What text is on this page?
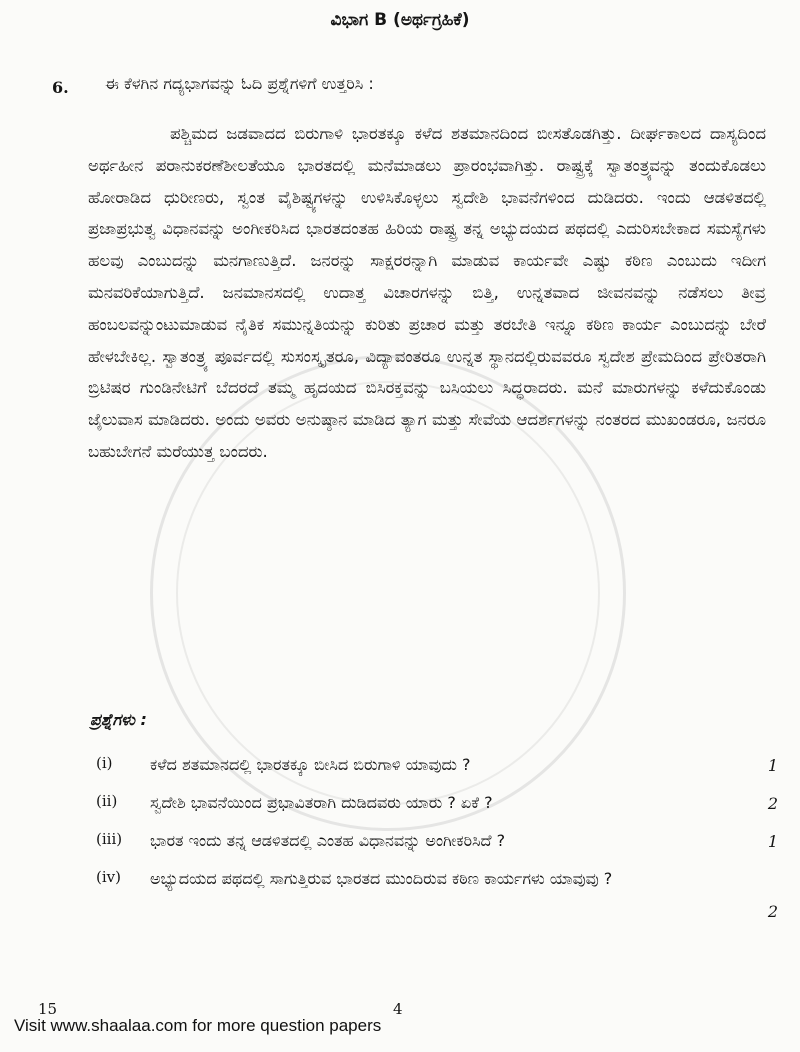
ವಿಭಾಗ B (ಅರ್ಥಗ್ರಹಿಕೆ)
6. ಈ ಕೆಳಗಿನ ಗದ್ಯಭಾಗವನ್ನು ಓದಿ ಪ್ರಶ್ನೆಗಳಿಗೆ ಉತ್ತರಿಸಿ :

ಪಶ್ಚಿಮದ ಜಡವಾದದ ಬಿರುಗಾಳಿ ಭಾರತಕ್ಕೂ ಕಳೆದ ಶತಮಾನದಿಂದ ಬೀಸತೊಡಗಿತ್ತು. ದೀರ್ಘಕಾಲದ ದಾಸ್ಯದಿಂದ ಅರ್ಥಹೀನ ಪರಾನುಕರಣೆಶೀಲತೆಯೂ ಭಾರತದಲ್ಲಿ ಮನೆಮಾಡಲು ಪ್ರಾರಂಭವಾಗಿತ್ತು. ರಾಷ್ಟ್ರಕ್ಕೆ ಸ್ವಾತಂತ್ರ್ಯವನ್ನು ತಂದುಕೊಡಲು ಹೋರಾಡಿದ ಧುರೀಣರು, ಸ್ವಂತ ವೈಶಿಷ್ಟ್ಯಗಳನ್ನು ಉಳಿಸಿಕೊಳ್ಳಲು ಸ್ವದೇಶಿ ಭಾವನೆಗಳಿಂದ ದುಡಿದರು. ಇಂದು ಆಡಳಿತದಲ್ಲಿ ಪ್ರಜಾಪ್ರಭುತ್ವ ವಿಧಾನವನ್ನು ಅಂಗೀಕರಿಸಿದ ಭಾರತದಂತಹ ಹಿರಿಯ ರಾಷ್ಟ್ರ ತನ್ನ ಅಭ್ಯುದಯದ ಪಥದಲ್ಲಿ ಎದುರಿಸಬೇಕಾದ ಸಮಸ್ಯೆಗಳು ಹಲವು ಎಂಬುದನ್ನು ಮನಗಾಣುತ್ತಿದೆ. ಜನರನ್ನು ಸಾಕ್ಷರರನ್ನಾಗಿ ಮಾಡುವ ಕಾರ್ಯವೇ ಎಷ್ಟು ಕಠಿಣ ಎಂಬುದು ಇದೀಗ ಮನವರಿಕೆಯಾಗುತ್ತಿದೆ. ಜನಮಾನಸದಲ್ಲಿ ಉದಾತ್ತ ವಿಚಾರಗಳನ್ನು ಬಿತ್ತಿ, ಉನ್ನತವಾದ ಜೀವನವನ್ನು ನಡೆಸಲು ತೀವ್ರ ಹಂಬಲವನ್ನುಂಟುಮಾಡುವ ನೈತಿಕ ಸಮುನ್ನತಿಯನ್ನು ಕುರಿತು ಪ್ರಚಾರ ಮತ್ತು ತರಬೇತಿ ಇನ್ನೂ ಕಠಿಣ ಕಾರ್ಯ ಎಂಬುದನ್ನು ಬೇರೆ ಹೇಳಬೇಕಿಲ್ಲ. ಸ್ವಾತಂತ್ರ್ಯ ಪೂರ್ವದಲ್ಲಿ ಸುಸಂಸ್ಕೃತರೂ, ವಿದ್ಯಾವಂತರೂ ಉನ್ನತ ಸ್ಥಾನದಲ್ಲಿರುವವರೂ ಸ್ವದೇಶ ಪ್ರೇಮದಿಂದ ಪ್ರೇರಿತರಾಗಿ ಬ್ರಿಟಿಷರ ಗುಂಡಿನೇಟಿಗೆ ಬೆದರದೆ ತಮ್ಮ ಹೃದಯದ ಬಿಸಿರಕ್ತವನ್ನು ಬಸಿಯಲು ಸಿದ್ಧರಾದರು. ಮನೆ ಮಾರುಗಳನ್ನು ಕಳೆದುಕೊಂಡು ಜೈಲುವಾಸ ಮಾಡಿದರು. ಅಂದು ಅವರು ಅನುಷ್ಠಾನ ಮಾಡಿದ ತ್ಯಾಗ ಮತ್ತು ಸೇವೆಯ ಆದರ್ಶಗಳನ್ನು ನಂತರದ ಮುಖಂಡರೂ, ಜನರೂ ಬಹುಬೇಗನೆ ಮರೆಯುತ್ತ ಬಂದರು.

ಪ್ರಶ್ನೆಗಳು :
(i) ಕಳೆದ ಶತಮಾನದಲ್ಲಿ ಭಾರತಕ್ಕೂ ಬೀಸಿದ ಬಿರುಗಾಳಿ ಯಾವುದು ?	1
(ii) ಸ್ವದೇಶಿ ಭಾವನೆಯಿಂದ ಪ್ರಭಾವಿತರಾಗಿ ದುಡಿದವರು ಯಾರು ? ಏಕೆ ?	2
(iii) ಭಾರತ ಇಂದು ತನ್ನ ಆಡಳಿತದಲ್ಲಿ ಎಂತಹ ವಿಧಾನವನ್ನು ಅಂಗೀಕರಿಸಿದೆ ?	1
(iv) ಅಭ್ಯುದಯದ ಪಥದಲ್ಲಿ ಸಾಗುತ್ತಿರುವ ಭಾರತದ ಮುಂದಿರುವ ಕಠಿಣ ಕಾರ್ಯಗಳು ಯಾವುವು ?
2
15	4
Visit www.shaalaa.com for more question papers
